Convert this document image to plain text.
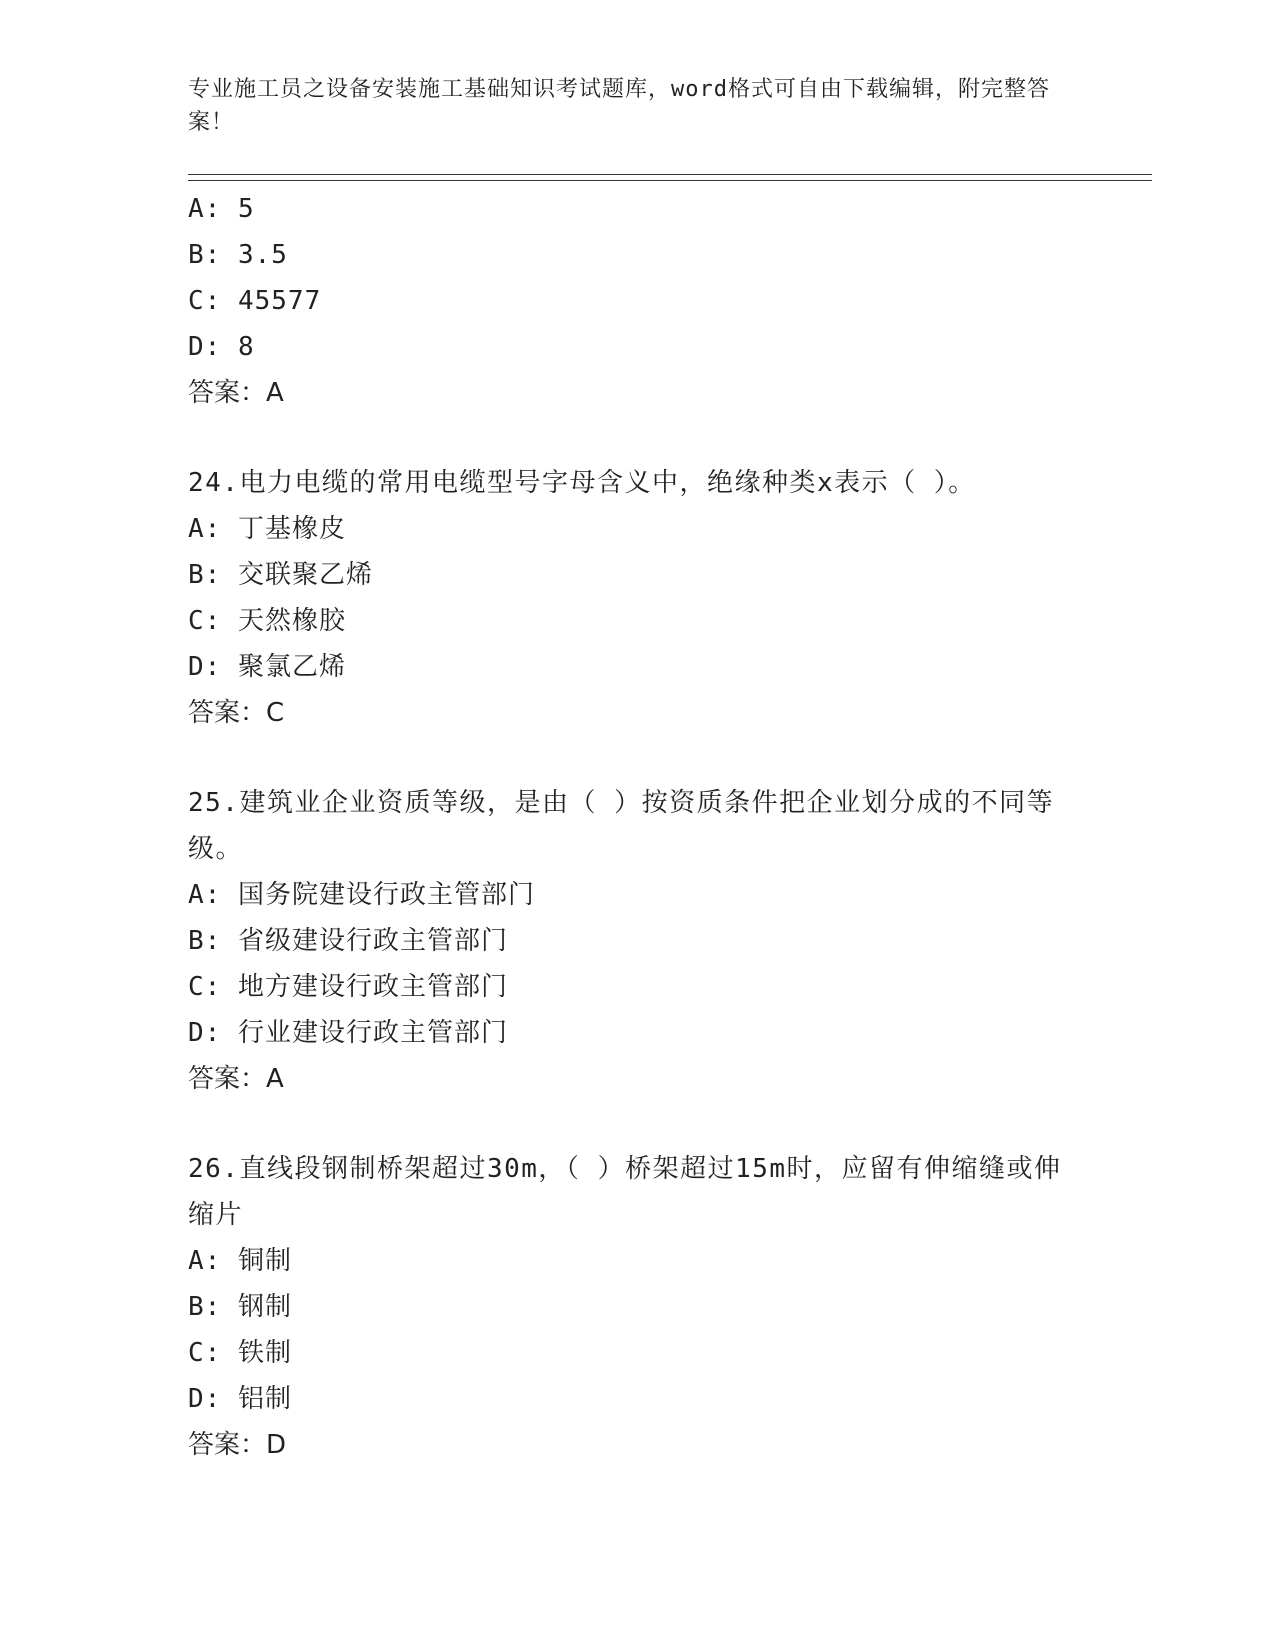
专业施工员之设备安装施工基础知识考试题库，word格式可自由下载编辑，附完整答案！
A: 5
B: 3.5
C: 45577
D: 8
答案：A
24.电力电缆的常用电缆型号字母含义中，绝缘种类x表示（ ）。
A: 丁基橡皮
B: 交联聚乙烯
C: 天然橡胶
D: 聚氯乙烯
答案：C
25.建筑业企业资质等级，是由（ ）按资质条件把企业划分成的不同等级。
A: 国务院建设行政主管部门
B: 省级建设行政主管部门
C: 地方建设行政主管部门
D: 行业建设行政主管部门
答案：A
26.直线段钢制桥架超过30m，（ ）桥架超过15m时，应留有伸缩缝或伸缩片
A: 铜制
B: 钢制
C: 铁制
D: 铝制
答案：D
